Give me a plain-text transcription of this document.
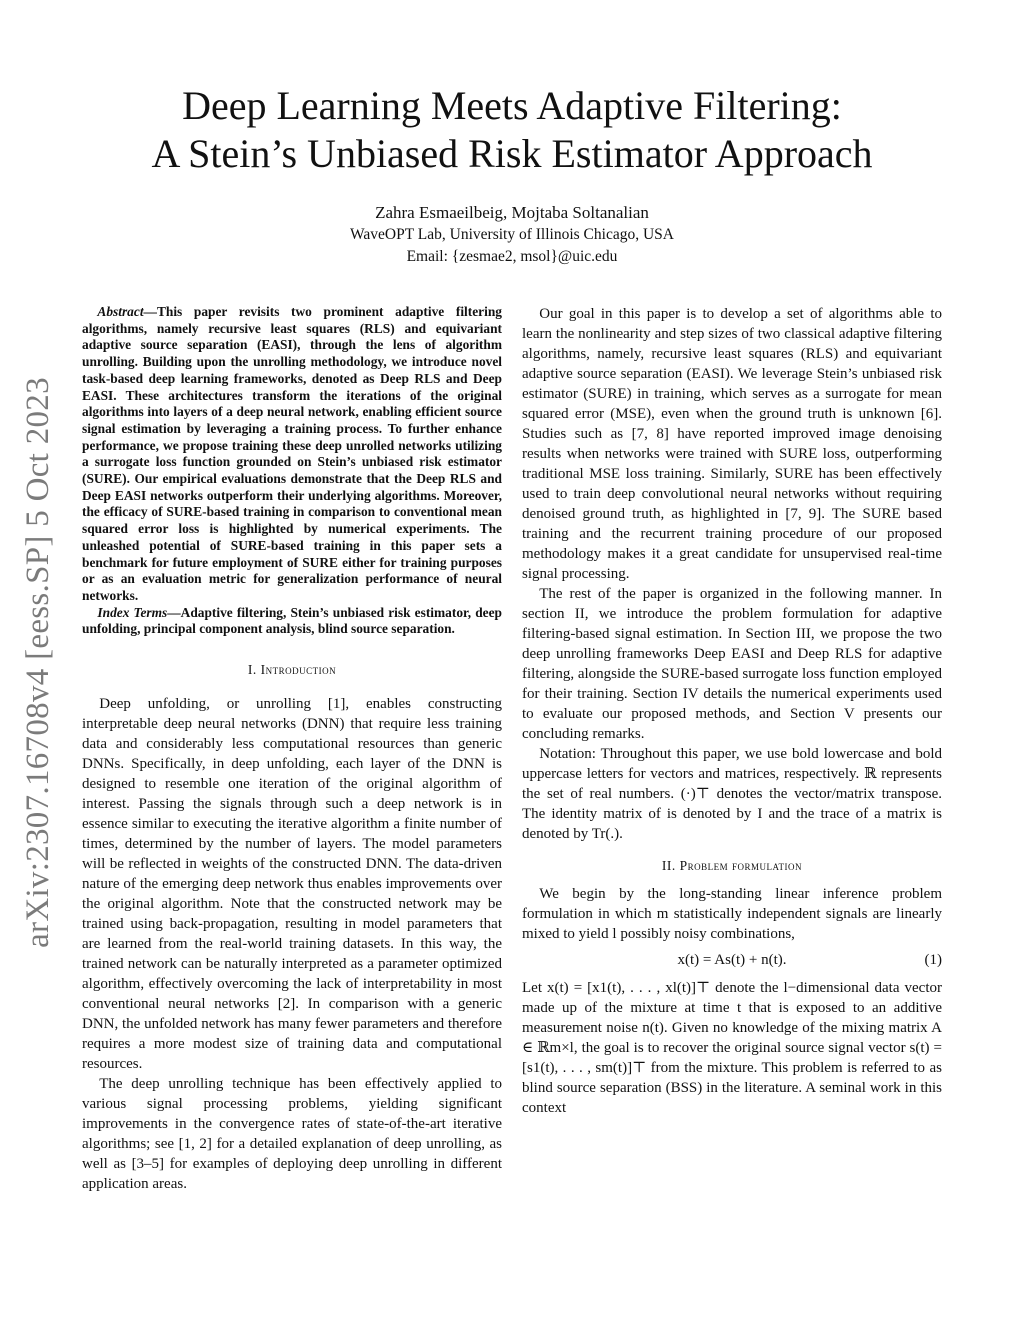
arXiv:2307.16708v4 [eess.SP] 5 Oct 2023
Deep Learning Meets Adaptive Filtering:
A Stein’s Unbiased Risk Estimator Approach
Zahra Esmaeilbeig, Mojtaba Soltanalian
WaveOPT Lab, University of Illinois Chicago, USA
Email: {zesmae2, msol}@uic.edu

Abstract—This paper revisits two prominent adaptive filtering algorithms, namely recursive least squares (RLS) and equivariant adaptive source separation (EASI), through the lens of algorithm unrolling. Building upon the unrolling methodology, we introduce novel task-based deep learning frameworks, denoted as Deep RLS and Deep EASI. These architectures transform the iterations of the original algorithms into layers of a deep neural network, enabling efficient source signal estimation by leveraging a training process. To further enhance performance, we propose training these deep unrolled networks utilizing a surrogate loss function grounded on Stein’s unbiased risk estimator (SURE). Our empirical evaluations demonstrate that the Deep RLS and Deep EASI networks outperform their underlying algorithms. Moreover, the efficacy of SURE-based training in comparison to conventional mean squared error loss is highlighted by numerical experiments. The unleashed potential of SURE-based training in this paper sets a benchmark for future employment of SURE either for training purposes or as an evaluation metric for generalization performance of neural networks.

Index Terms—Adaptive filtering, Stein’s unbiased risk estimator, deep unfolding, principal component analysis, blind source separation.

I. Introduction

Deep unfolding, or unrolling [1], enables constructing interpretable deep neural networks (DNN) that require less training data and considerably less computational resources than generic DNNs. Specifically, in deep unfolding, each layer of the DNN is designed to resemble one iteration of the original algorithm of interest. Passing the signals through such a deep network is in essence similar to executing the iterative algorithm a finite number of times, determined by the number of layers. The model parameters will be reflected in weights of the constructed DNN. The data-driven nature of the emerging deep network thus enables improvements over the original algorithm. Note that the constructed network may be trained using back-propagation, resulting in model parameters that are learned from the real-world training datasets. In this way, the trained network can be naturally interpreted as a parameter optimized algorithm, effectively overcoming the lack of interpretability in most conventional neural networks [2]. In comparison with a generic DNN, the unfolded network has many fewer parameters and therefore requires a more modest size of training data and computational resources.

The deep unrolling technique has been effectively applied to various signal processing problems, yielding significant improvements in the convergence rates of state-of-the-art iterative algorithms; see [1, 2] for a detailed explanation of deep unrolling, as well as [3–5] for examples of deploying deep unrolling in different application areas.

Our goal in this paper is to develop a set of algorithms able to learn the nonlinearity and step sizes of two classical adaptive filtering algorithms, namely, recursive least squares (RLS) and equivariant adaptive source separation (EASI). We leverage Stein’s unbiased risk estimator (SURE) in training, which serves as a surrogate for mean squared error (MSE), even when the ground truth is unknown [6]. Studies such as [7, 8] have reported improved image denoising results when networks were trained with SURE loss, outperforming traditional MSE loss training. Similarly, SURE has been effectively used to train deep convolutional neural networks without requiring denoised ground truth, as highlighted in [7, 9]. The SURE based training and the recurrent training procedure of our proposed methodology makes it a great candidate for unsupervised real-time signal processing.

The rest of the paper is organized in the following manner. In section II, we introduce the problem formulation for adaptive filtering-based signal estimation. In Section III, we propose the two deep unrolling frameworks Deep EASI and Deep RLS for adaptive filtering, alongside the SURE-based surrogate loss function employed for their training. Section IV details the numerical experiments used to evaluate our proposed methods, and Section V presents our concluding remarks.

Notation: Throughout this paper, we use bold lowercase and bold uppercase letters for vectors and matrices, respectively. ℝ represents the set of real numbers. (·)⊤ denotes the vector/matrix transpose. The identity matrix of is denoted by I and the trace of a matrix is denoted by Tr(.).

II. Problem formulation

We begin by the long-standing linear inference problem formulation in which m statistically independent signals are linearly mixed to yield l possibly noisy combinations,

x(t) = As(t) + n(t).	(1)

Let x(t) = [x1(t), . . . , xl(t)]⊤ denote the l−dimensional data vector made up of the mixture at time t that is exposed to an additive measurement noise n(t). Given no knowledge of the mixing matrix A ∈ ℝm×l, the goal is to recover the original source signal vector s(t) = [s1(t), . . . , sm(t)]⊤ from the mixture. This problem is referred to as blind source separation (BSS) in the literature. A seminal work in this context
